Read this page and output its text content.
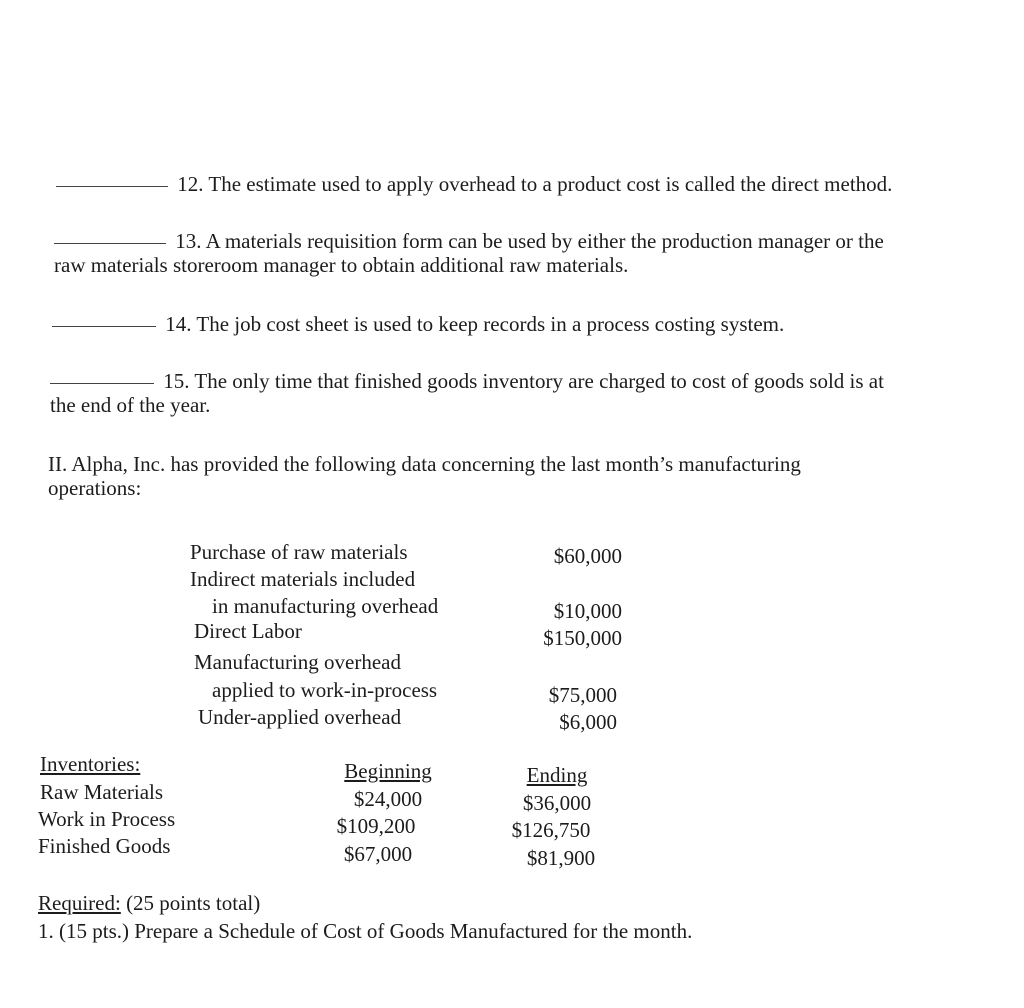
12. The estimate used to apply overhead to a product cost is called the direct method.
13. A materials requisition form can be used by either the production manager or the
raw materials storeroom manager to obtain additional raw materials.
14. The job cost sheet is used to keep records in a process costing system.
15. The only time that finished goods inventory are charged to cost of goods sold is at
the end of the year.
II. Alpha, Inc. has provided the following data concerning the last month’s manufacturing
operations:
Purchase of raw materials	$60,000
Indirect materials included
in manufacturing overhead	$10,000
Direct Labor	$150,000
Manufacturing overhead
applied to work-in-process	$75,000
Under-applied overhead	$6,000
Inventories:	Beginning	Ending
Raw Materials	$24,000	$36,000
Work in Process	$109,200	$126,750
Finished Goods	$67,000	$81,900
Required: (25 points total)
1. (15 pts.) Prepare a Schedule of Cost of Goods Manufactured for the month.
